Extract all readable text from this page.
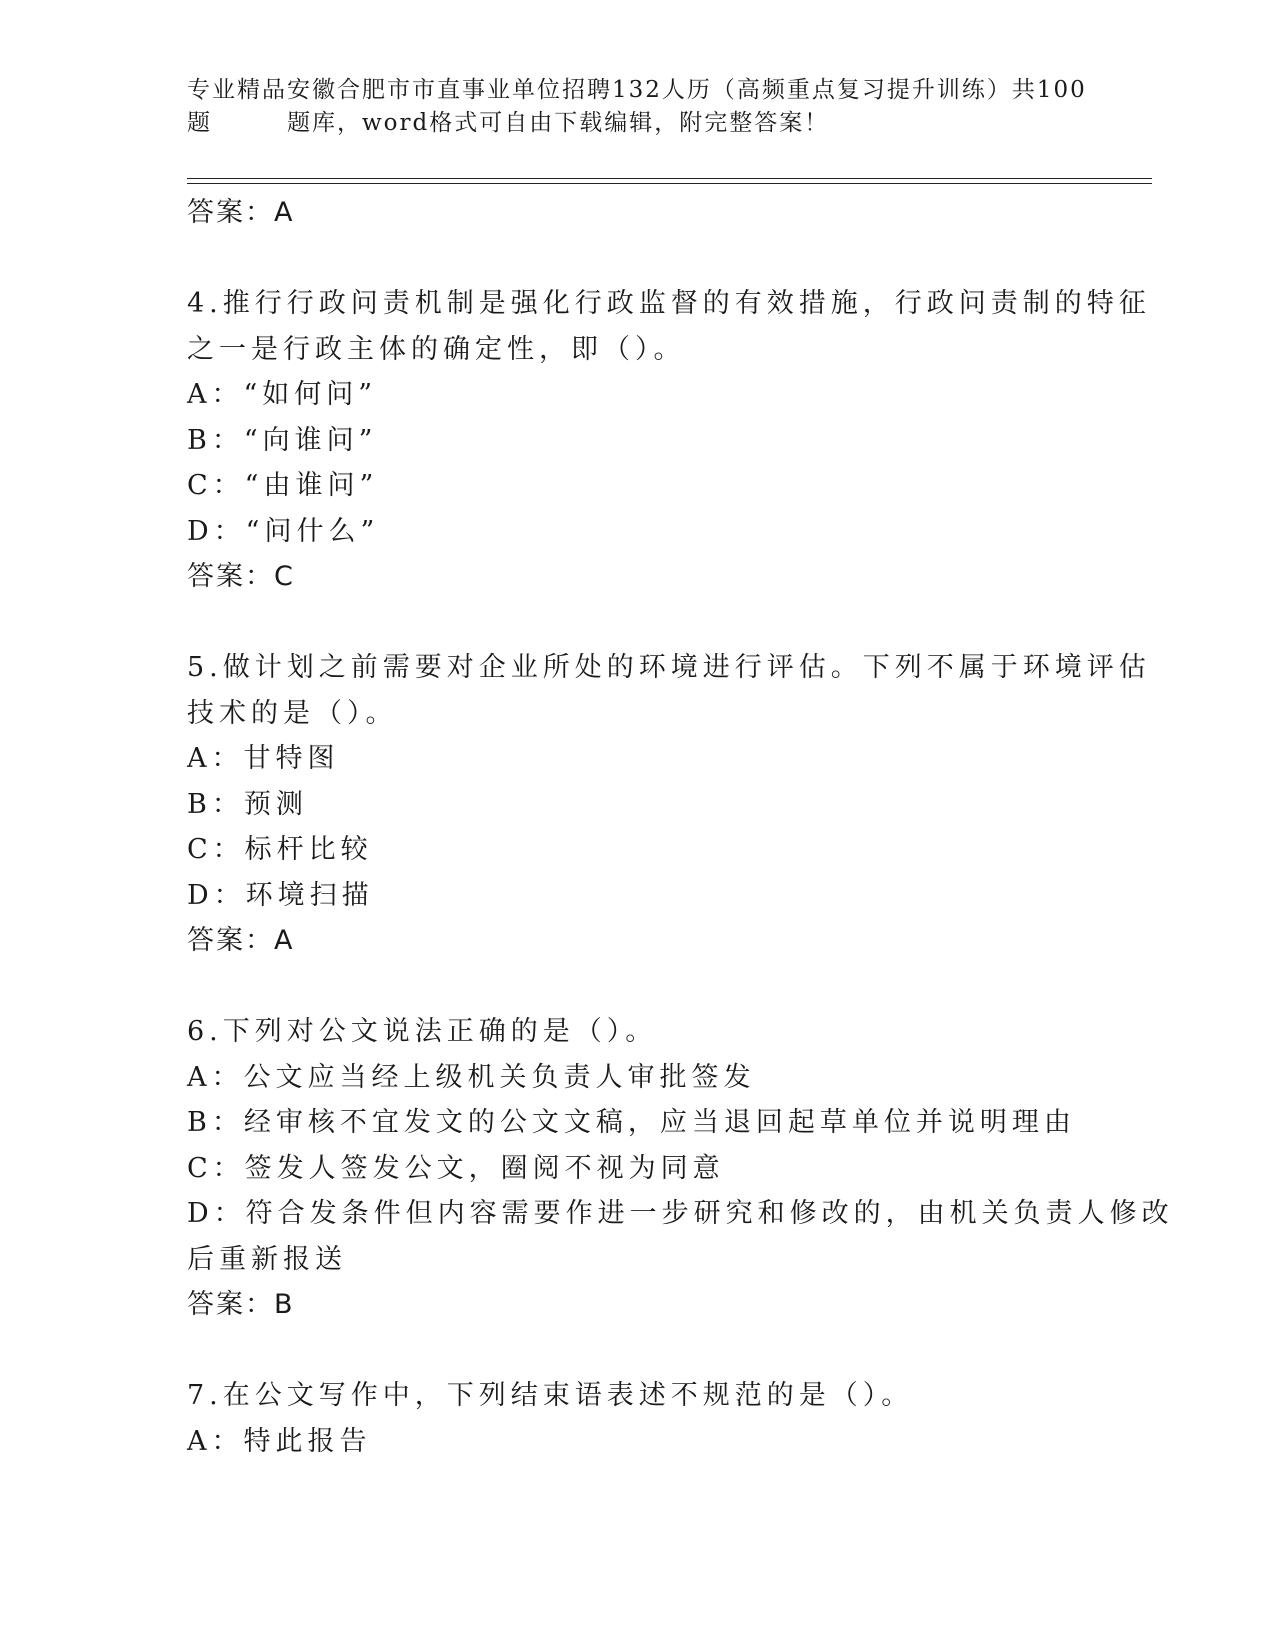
专业精品安徽合肥市市直事业单位招聘132人历（高频重点复习提升训练）共100
题	题库，word格式可自由下载编辑，附完整答案！
答案：A
4.推行行政问责机制是强化行政监督的有效措施，行政问责制的特征
之一是行政主体的确定性，即（）。
A：“如何问”
B：“向谁问”
C：“由谁问”
D：“问什么”
答案：C
5.做计划之前需要对企业所处的环境进行评估。下列不属于环境评估
技术的是（）。
A：甘特图
B：预测
C：标杆比较
D：环境扫描
答案：A
6.下列对公文说法正确的是（）。
A：公文应当经上级机关负责人审批签发
B：经审核不宜发文的公文文稿，应当退回起草单位并说明理由
C：签发人签发公文，圈阅不视为同意
D：符合发条件但内容需要作进一步研究和修改的，由机关负责人修改
后重新报送
答案：B
7.在公文写作中，下列结束语表述不规范的是（）。
A：特此报告
